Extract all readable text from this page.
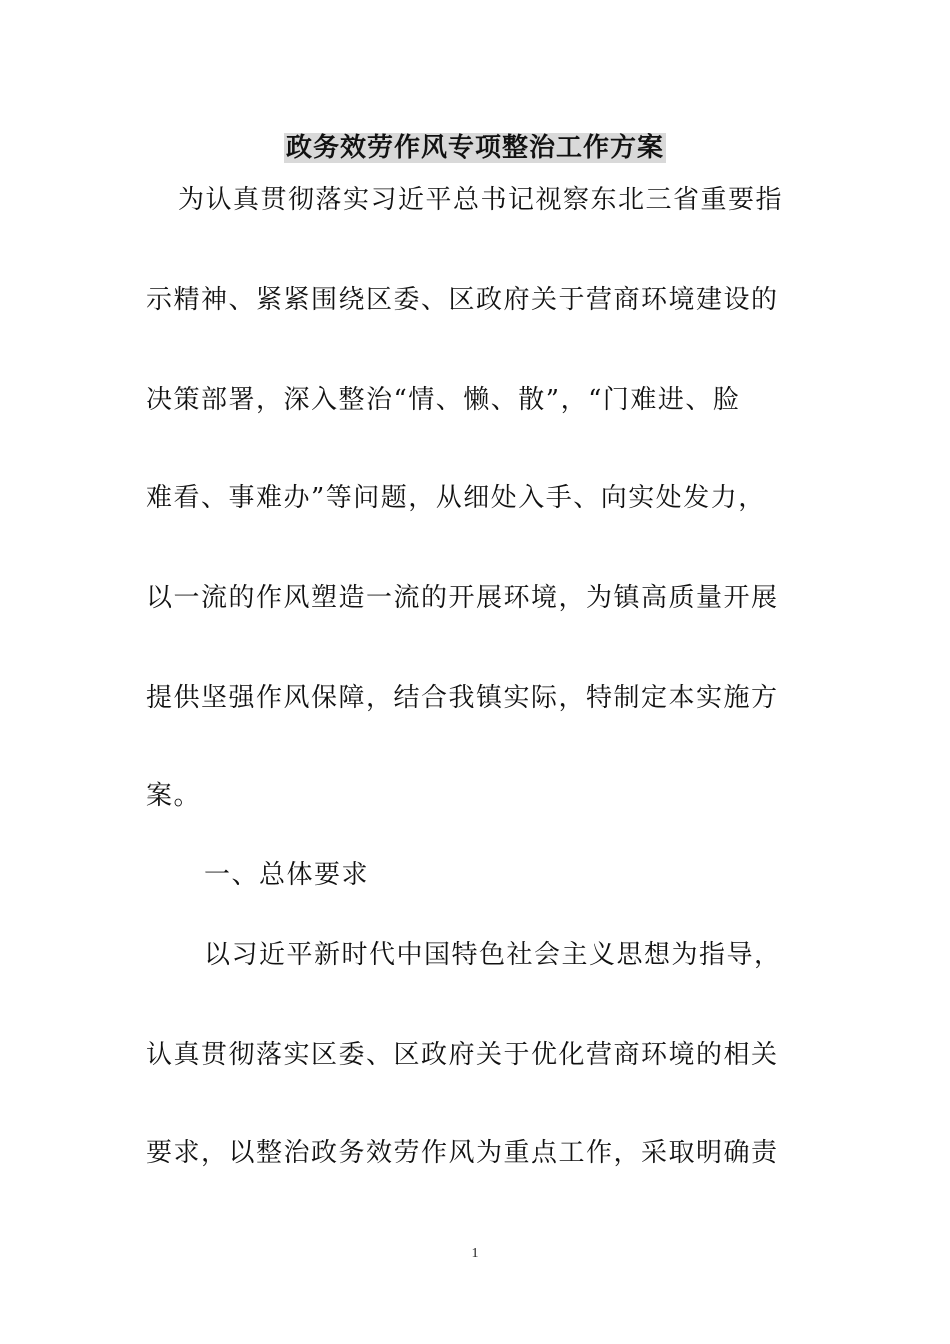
政务效劳作风专项整治工作方案
为认真贯彻落实习近平总书记视察东北三省重要指
示精神、紧紧围绕区委、区政府关于营商环境建设的
决策部署，深入整治“情、懒、散”，“门难进、脸
难看、事难办”等问题，从细处入手、向实处发力，
以一流的作风塑造一流的开展环境，为镇高质量开展
提供坚强作风保障，结合我镇实际，特制定本实施方
案。
一、总体要求
以习近平新时代中国特色社会主义思想为指导，
认真贯彻落实区委、区政府关于优化营商环境的相关
要求，以整治政务效劳作风为重点工作，采取明确责
1
